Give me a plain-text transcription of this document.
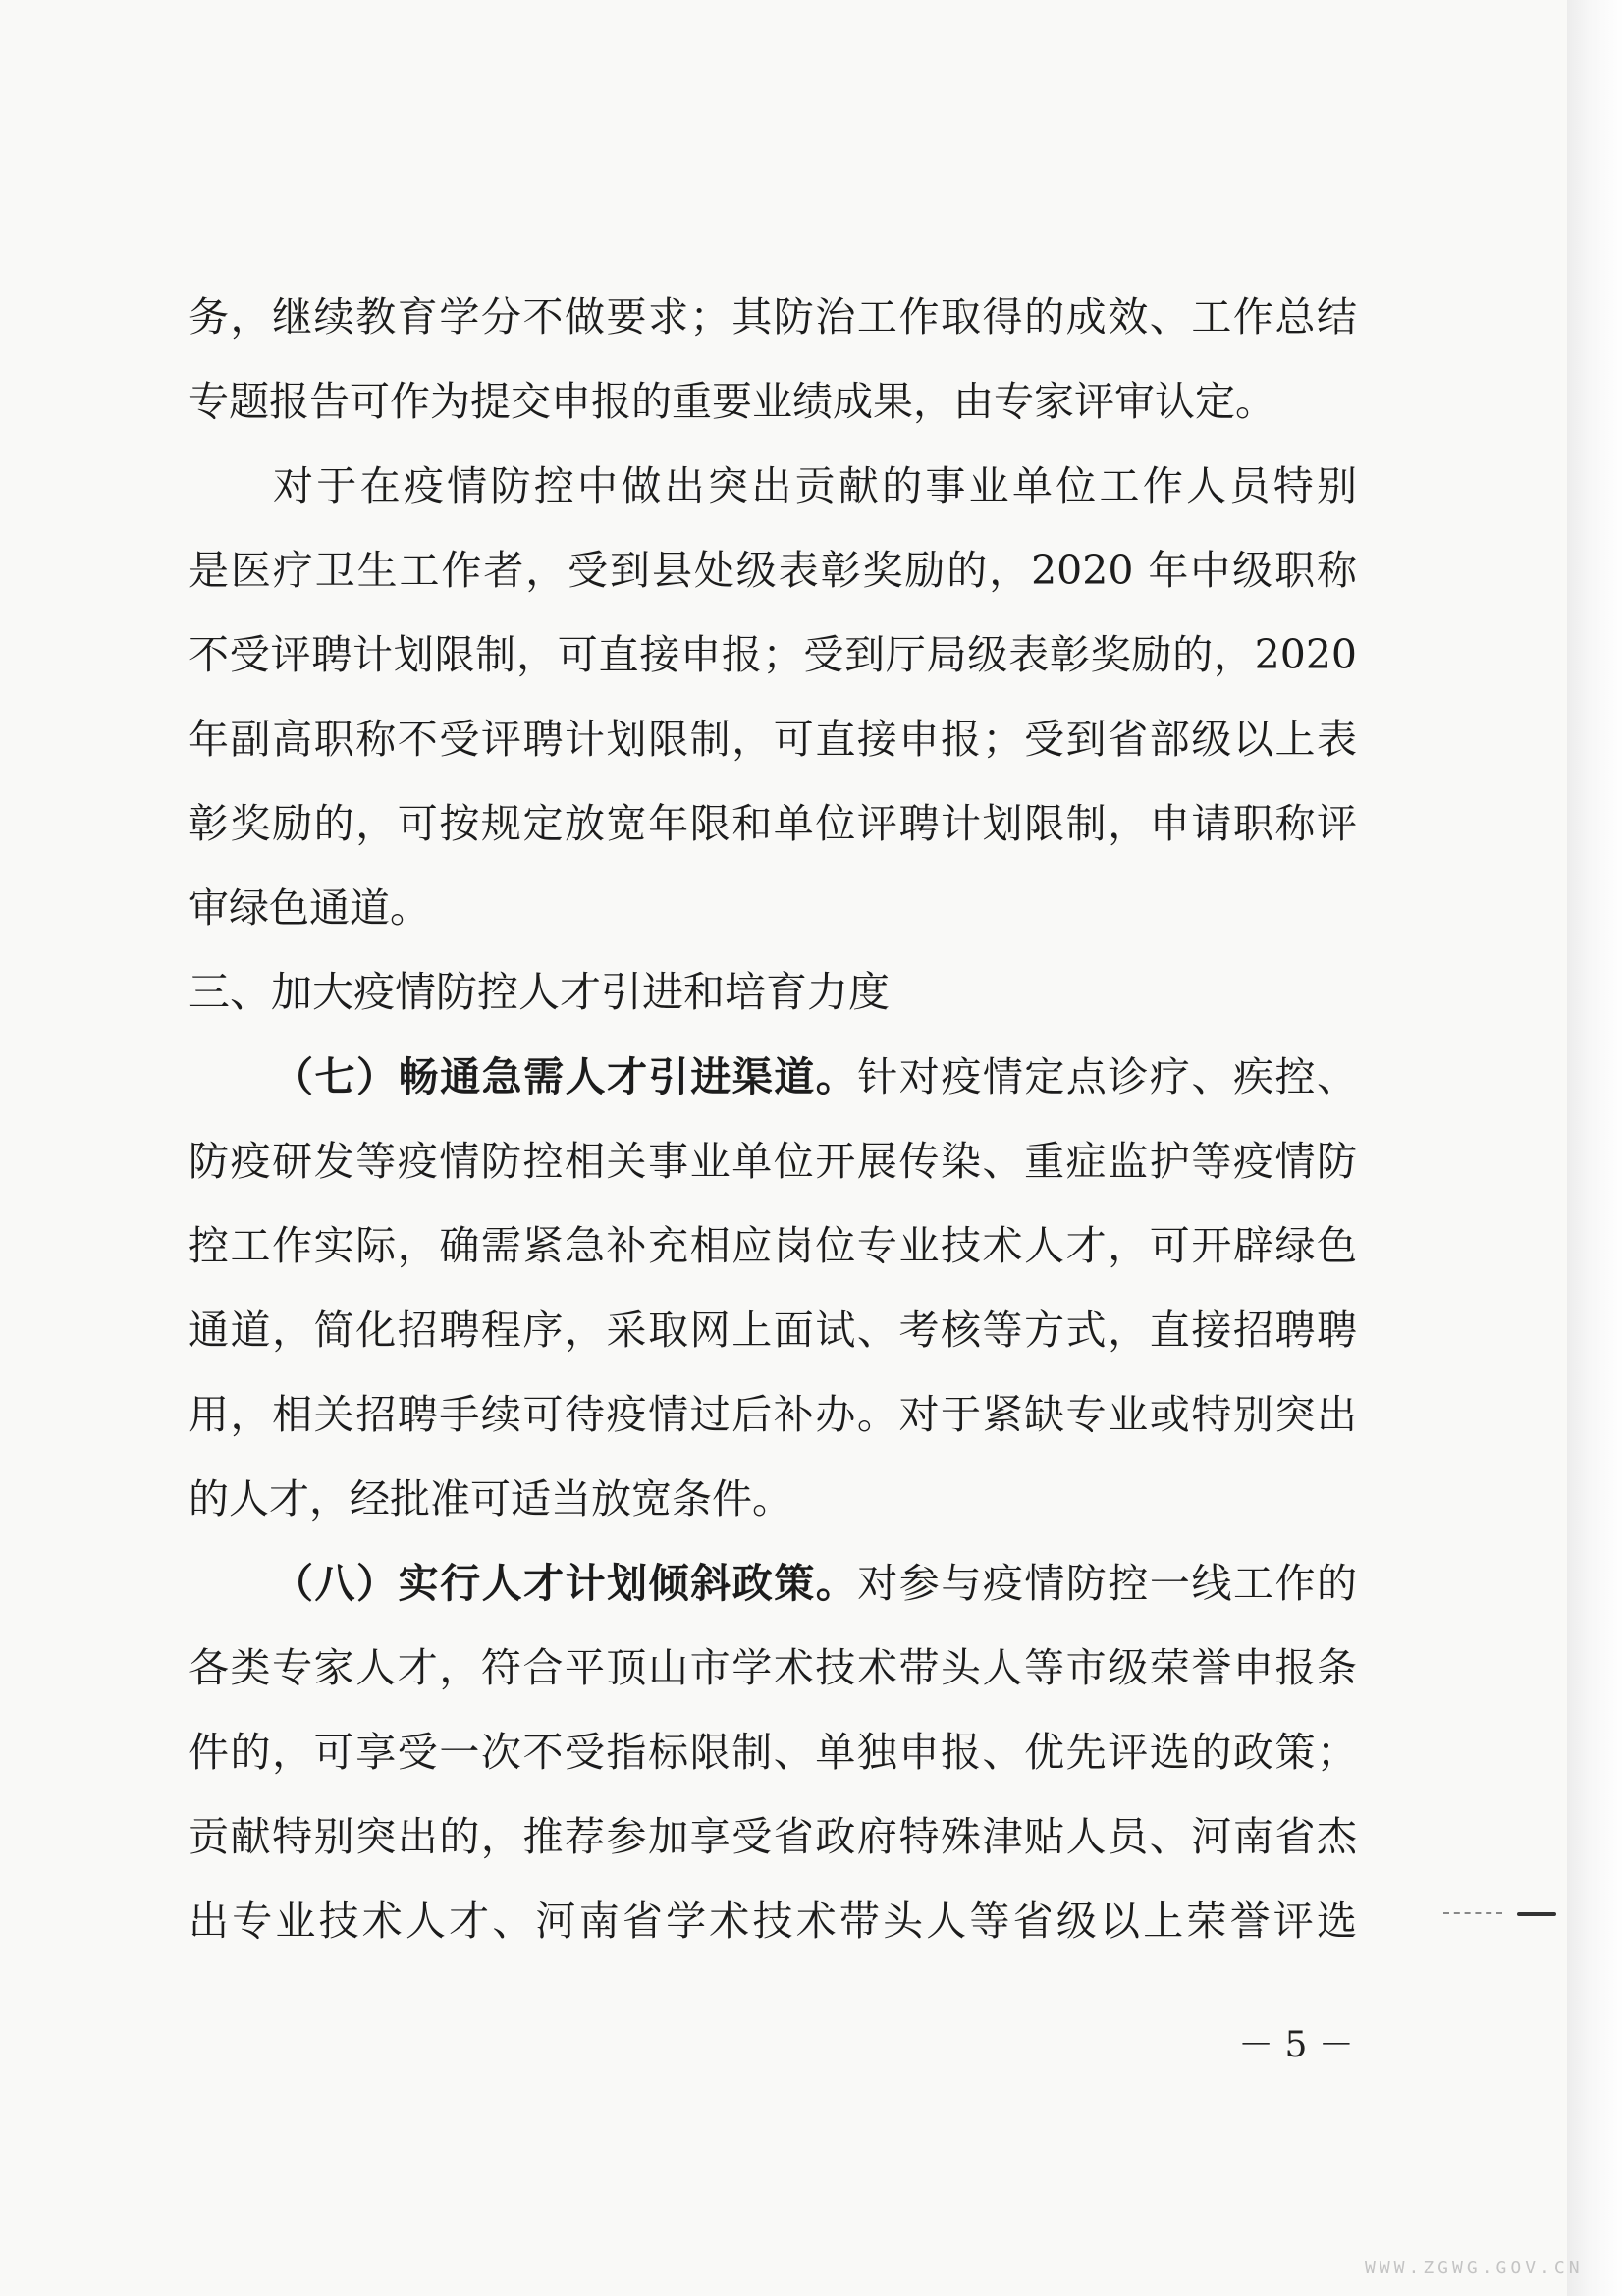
务，继续教育学分不做要求；其防治工作取得的成效、工作总结
专题报告可作为提交申报的重要业绩成果，由专家评审认定。
对于在疫情防控中做出突出贡献的事业单位工作人员特别
是医疗卫生工作者，受到县处级表彰奖励的，2020 年中级职称
不受评聘计划限制，可直接申报；受到厅局级表彰奖励的，2020
年副高职称不受评聘计划限制，可直接申报；受到省部级以上表
彰奖励的，可按规定放宽年限和单位评聘计划限制，申请职称评
审绿色通道。
三、加大疫情防控人才引进和培育力度
（七）畅通急需人才引进渠道。针对疫情定点诊疗、疾控、
防疫研发等疫情防控相关事业单位开展传染、重症监护等疫情防
控工作实际，确需紧急补充相应岗位专业技术人才，可开辟绿色
通道，简化招聘程序，采取网上面试、考核等方式，直接招聘聘
用，相关招聘手续可待疫情过后补办。对于紧缺专业或特别突出
的人才，经批准可适当放宽条件。
（八）实行人才计划倾斜政策。对参与疫情防控一线工作的
各类专家人才，符合平顶山市学术技术带头人等市级荣誉申报条
件的，可享受一次不受指标限制、单独申报、优先评选的政策；
贡献特别突出的，推荐参加享受省政府特殊津贴人员、河南省杰
出专业技术人才、河南省学术技术带头人等省级以上荣誉评选
－ 5 －
WWW.ZGWG.GOV.CN
